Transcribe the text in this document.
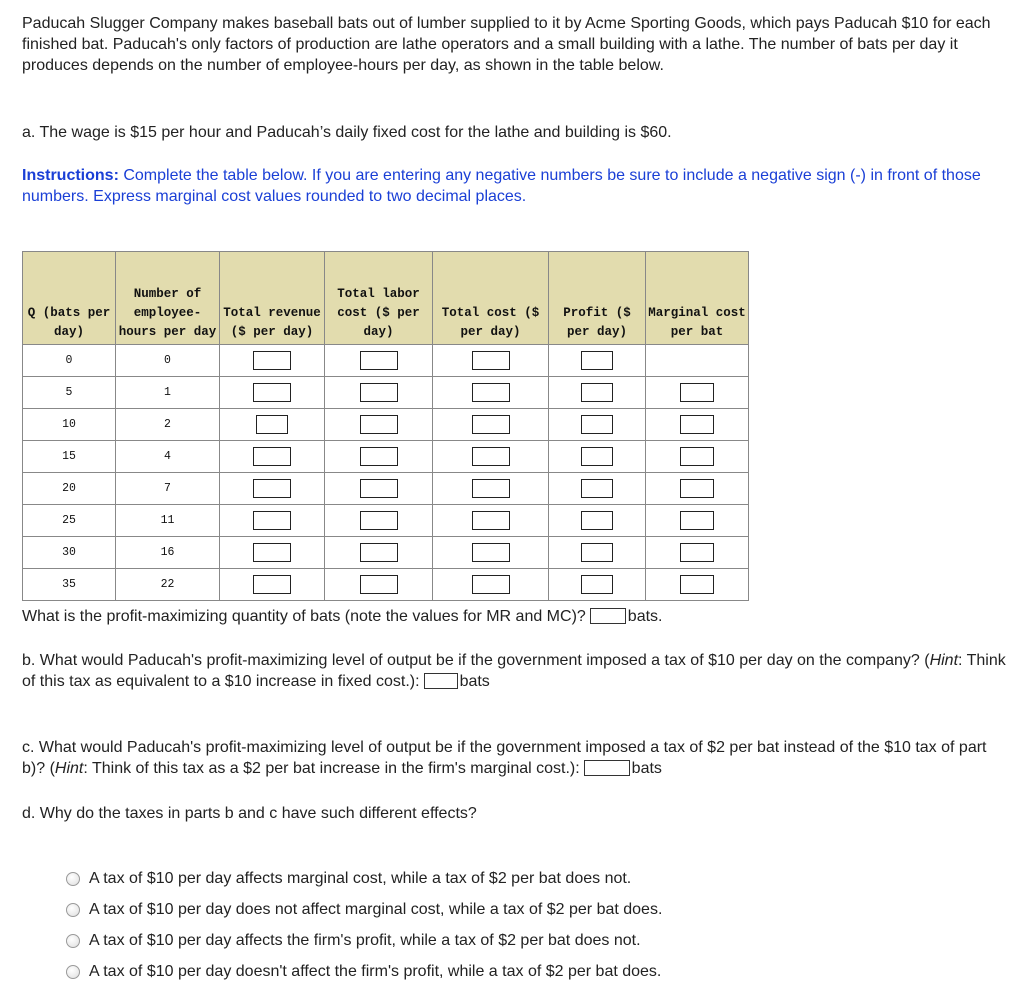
Paducah Slugger Company makes baseball bats out of lumber supplied to it by Acme Sporting Goods, which pays Paducah $10 for each finished bat. Paducah's only factors of production are lathe operators and a small building with a lathe. The number of bats per day it produces depends on the number of employee-hours per day, as shown in the table below.

a. The wage is $15 per hour and Paducah’s daily fixed cost for the lathe and building is $60.

Instructions: Complete the table below. If you are entering any negative numbers be sure to include a negative sign (-) in front of those numbers. Express marginal cost values rounded to two decimal places.

Q (bats per day)	Number of employee-hours per day	Total revenue ($ per day)	Total labor cost ($ per day)	Total cost ($ per day)	Profit ($ per day)	Marginal cost per bat
0	0					
5	1					
10	2					
15	4					
20	7					
25	11					
30	16					
35	22					

What is the profit-maximizing quantity of bats (note the values for MR and MC)?	bats.

b. What would Paducah's profit-maximizing level of output be if the government imposed a tax of $10 per day on the company? (Hint: Think of this tax as equivalent to a $10 increase in fixed cost.):	bats

c. What would Paducah's profit-maximizing level of output be if the government imposed a tax of $2 per bat instead of the $10 tax of part b)? (Hint: Think of this tax as a $2 per bat increase in the firm's marginal cost.):	bats

d. Why do the taxes in parts b and c have such different effects?

A tax of $10 per day affects marginal cost, while a tax of $2 per bat does not.
A tax of $10 per day does not affect marginal cost, while a tax of $2 per bat does.
A tax of $10 per day affects the firm's profit, while a tax of $2 per bat does not.
A tax of $10 per day doesn't affect the firm's profit, while a tax of $2 per bat does.
